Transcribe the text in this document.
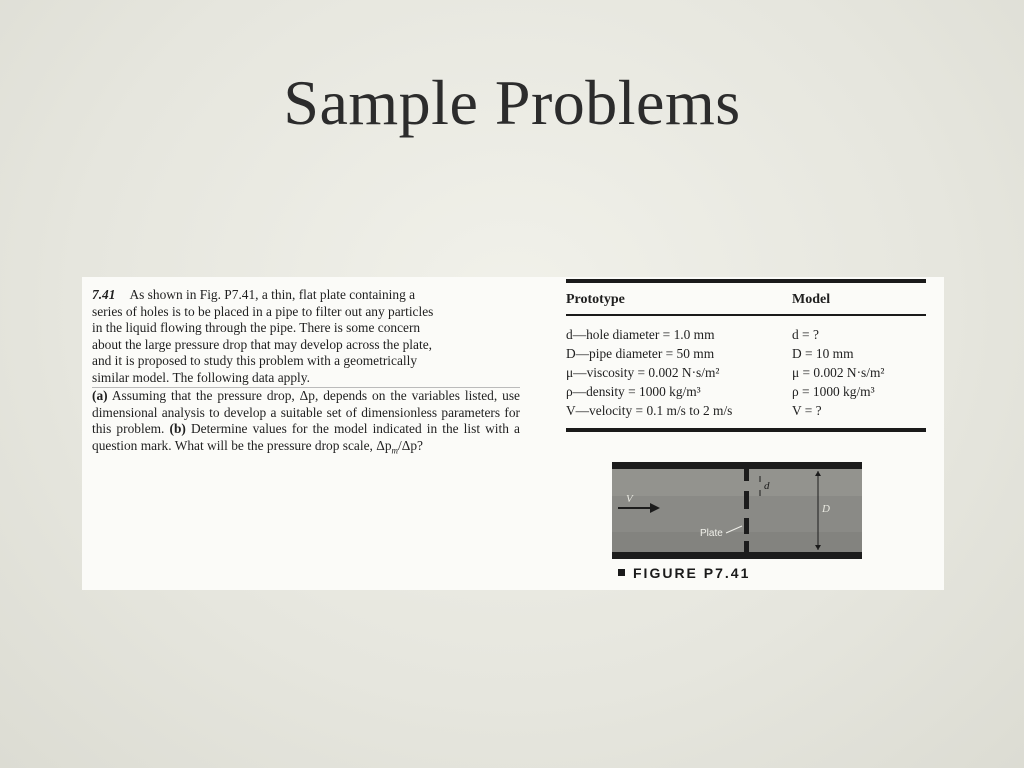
Sample Problems

7.41 As shown in Fig. P7.41, a thin, flat plate containing a

series of holes is to be placed in a pipe to filter out any particles

in the liquid flowing through the pipe. There is some concern

about the large pressure drop that may develop across the plate,

and it is proposed to study this problem with a geometrically

similar model. The following data apply.

(a) Assuming that the pressure drop, Δp, depends on the variables listed, use dimensional analysis to develop a suitable set of dimensionless parameters for this problem. (b) Determine values for the model indicated in the list with a question mark. What will be the pressure drop scale, $\Delta p_m/\Delta p$?

Prototype	Model
d—hole diameter = 1.0 mm	d = ?
D—pipe diameter = 50 mm	D = 10 mm
μ—viscosity = 0.002 N·s/m²	μ = 0.002 N·s/m²
ρ—density = 1000 kg/m³	ρ = 1000 kg/m³
V—velocity = 0.1 m/s to 2 m/s	V = ?
d
D
V
Plate
FIGURE P7.41
